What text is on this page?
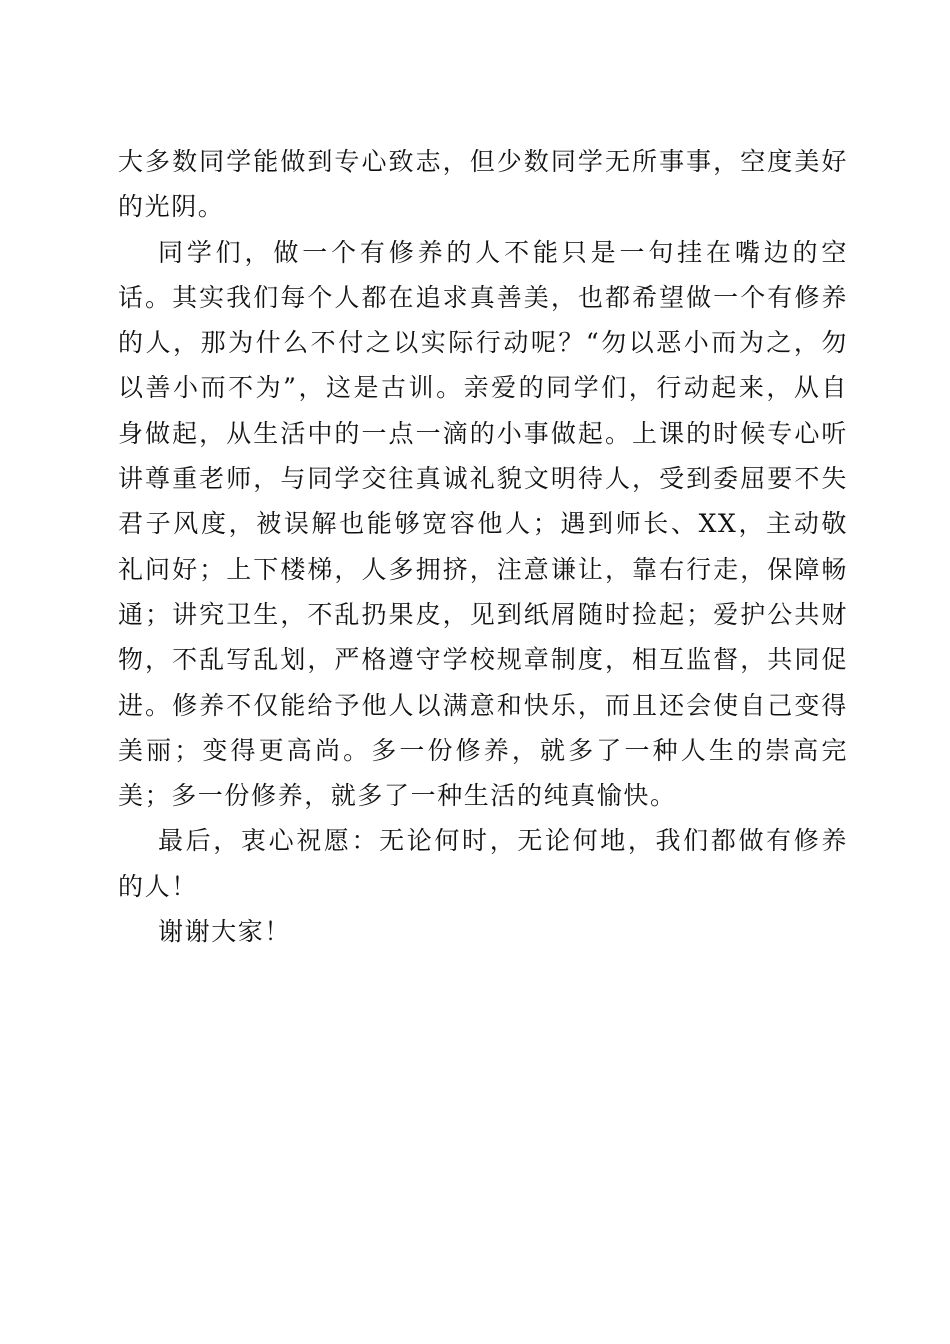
大多数同学能做到专心致志，但少数同学无所事事，空度美好的光阴。

同学们，做一个有修养的人不能只是一句挂在嘴边的空话。其实我们每个人都在追求真善美，也都希望做一个有修养的人，那为什么不付之以实际行动呢？“勿以恶小而为之，勿以善小而不为”，这是古训。亲爱的同学们，行动起来，从自身做起，从生活中的一点一滴的小事做起。上课的时候专心听讲尊重老师，与同学交往真诚礼貌文明待人，受到委屈要不失君子风度，被误解也能够宽容他人；遇到师长、XX，主动敬礼问好；上下楼梯，人多拥挤，注意谦让，靠右行走，保障畅通；讲究卫生，不乱扔果皮，见到纸屑随时捡起；爱护公共财物，不乱写乱划，严格遵守学校规章制度，相互监督，共同促进。修养不仅能给予他人以满意和快乐，而且还会使自己变得美丽；变得更高尚。多一份修养，就多了一种人生的崇高完美；多一份修养，就多了一种生活的纯真愉快。

最后，衷心祝愿：无论何时，无论何地，我们都做有修养的人！

谢谢大家！
